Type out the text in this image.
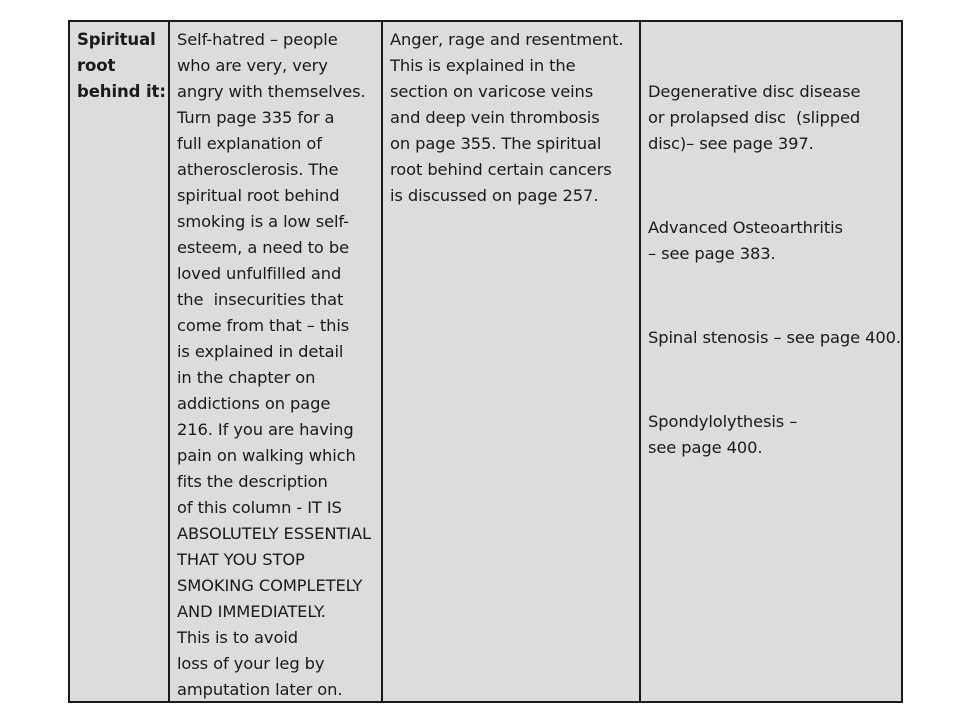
Spiritual
root
behind it:
Self-hatred – people
who are very, very
angry with themselves.
Turn page 335 for a
full explanation of
atherosclerosis. The
spiritual root behind
smoking is a low self-
esteem, a need to be
loved unfulfilled and
the  insecurities that
come from that – this
is explained in detail
in the chapter on
addictions on page
216. If you are having
pain on walking which
fits the description
of this column - IT IS
ABSOLUTELY ESSENTIAL
THAT YOU STOP
SMOKING COMPLETELY
AND IMMEDIATELY.
This is to avoid
loss of your leg by
amputation later on.
Anger, rage and resentment.
This is explained in the
section on varicose veins
and deep vein thrombosis
on page 355. The spiritual
root behind certain cancers
is discussed on page 257.

Degenerative disc disease
or prolapsed disc  (slipped
disc)– see page 397.

Advanced Osteoarthritis
– see page 383.

Spinal stenosis – see page 400.

Spondylolythesis –
see page 400.
